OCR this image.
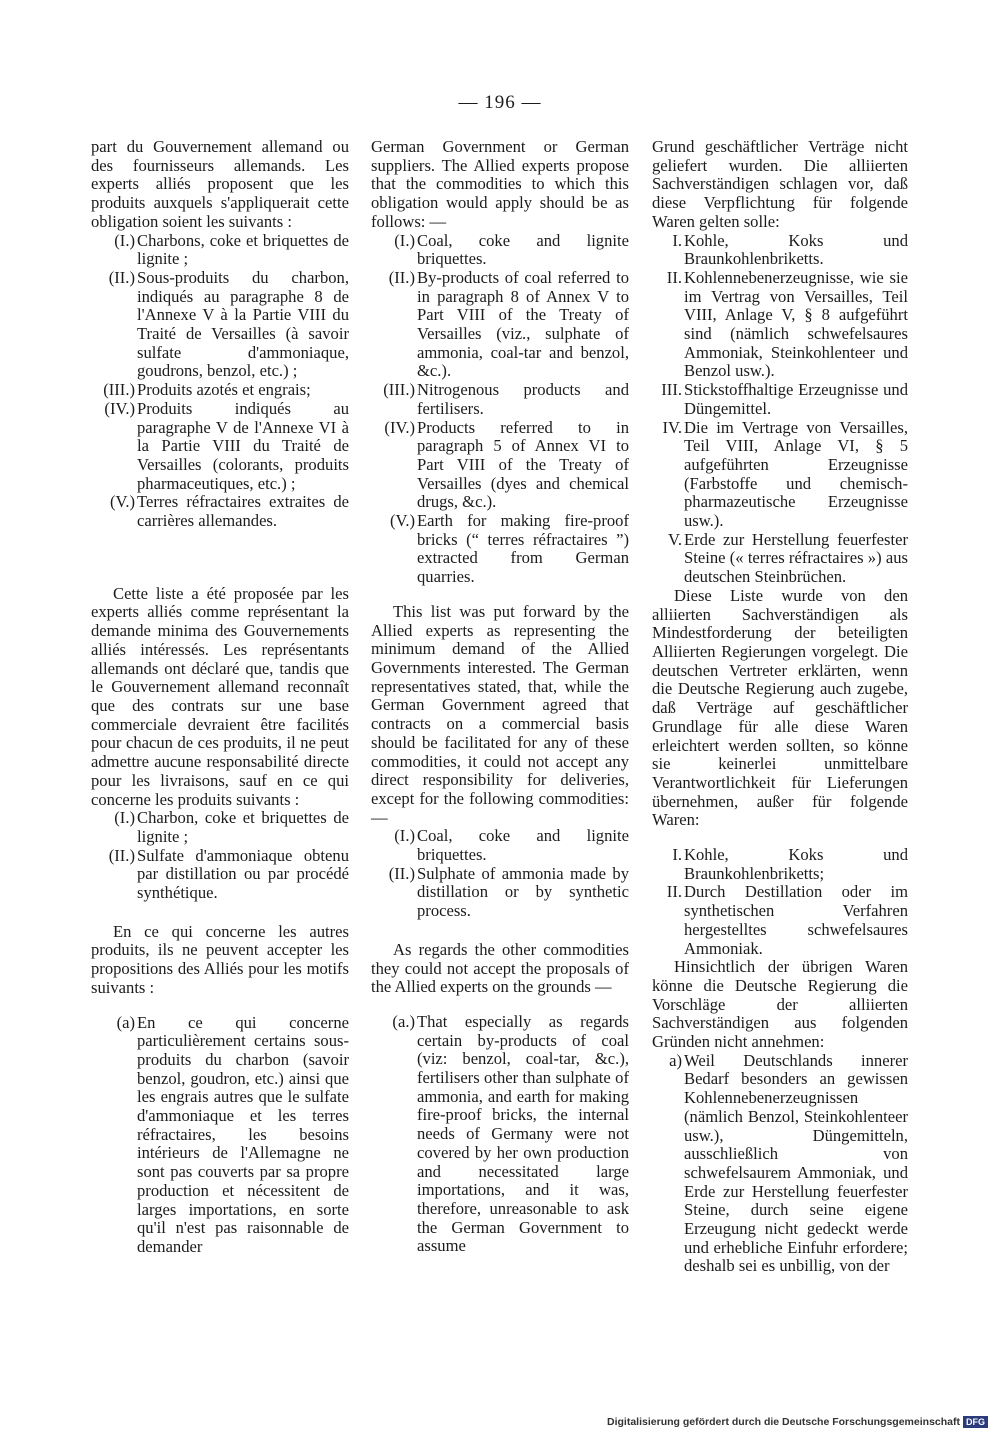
— 196 —

part du Gouvernement allemand ou des fournisseurs allemands. Les experts alliés proposent que les produits auxquels s'appliquerait cette obligation soient les suivants :

(I.) Charbons, coke et briquettes de lignite ;
(II.) Sous-produits du charbon, indiqués au paragraphe 8 de l'Annexe V à la Partie VIII du Traité de Versailles (à savoir sulfate d'ammoniaque, goudrons, benzol, etc.) ;
(III.) Produits azotés et engrais;
(IV.) Produits indiqués au paragraphe V de l'Annexe VI à la Partie VIII du Traité de Versailles (colorants, produits pharmaceutiques, etc.) ;
(V.) Terres réfractaires extraites de carrières allemandes.

Cette liste a été proposée par les experts alliés comme représentant la demande minima des Gouvernements alliés intéressés. Les représentants allemands ont déclaré que, tandis que le Gouvernement allemand reconnaît que des contrats sur une base commerciale devraient être facilités pour chacun de ces produits, il ne peut admettre aucune responsabilité directe pour les livraisons, sauf en ce qui concerne les produits suivants :

(I.) Charbon, coke et briquettes de lignite ;
(II.) Sulfate d'ammoniaque obtenu par distillation ou par procédé synthétique.

En ce qui concerne les autres produits, ils ne peuvent accepter les propositions des Alliés pour les motifs suivants :

(a) En ce qui concerne particulièrement certains sous-produits du charbon (savoir benzol, goudron, etc.) ainsi que les engrais autres que le sulfate d'ammoniaque et les terres réfractaires, les besoins intérieurs de l'Allemagne ne sont pas couverts par sa propre production et nécessitent de larges importations, en sorte qu'il n'est pas raisonnable de demander

German Government or German suppliers. The Allied experts propose that the commodities to which this obligation would apply should be as follows: —

(I.) Coal, coke and lignite briquettes.
(II.) By-products of coal referred to in paragraph 8 of Annex V to Part VIII of the Treaty of Versailles (viz., sulphate of ammonia, coal-tar and benzol, &c.).
(III.) Nitrogenous products and fertilisers.
(IV.) Products referred to in paragraph 5 of Annex VI to Part VIII of the Treaty of Versailles (dyes and chemical drugs, &c.).
(V.) Earth for making fire-proof bricks (“ terres réfractaires ”) extracted from German quarries.

This list was put forward by the Allied experts as representing the minimum demand of the Allied Governments interested. The German representatives stated, that, while the German Government agreed that contracts on a commercial basis should be facilitated for any of these commodities, it could not accept any direct responsibility for deliveries, except for the following commodities: —

(I.) Coal, coke and lignite briquettes.
(II.) Sulphate of ammonia made by distillation or by synthetic process.

As regards the other commodities they could not accept the proposals of the Allied experts on the grounds —

(a.) That especially as regards certain by-products of coal (viz: benzol, coal-tar, &c.), fertilisers other than sulphate of ammonia, and earth for making fire-proof bricks, the internal needs of Germany were not covered by her own production and necessitated large importations, and it was, therefore, unreasonable to ask the German Government to assume

Grund geschäftlicher Verträge nicht geliefert wurden. Die alliierten Sachverständigen schlagen vor, daß diese Verpflichtung für folgende Waren gelten solle:

I. Kohle, Koks und Braunkohlenbriketts.
II. Kohlennebenerzeugnisse, wie sie im Vertrag von Versailles, Teil VIII, Anlage V, § 8 aufgeführt sind (nämlich schwefelsaures Ammoniak, Steinkohlenteer und Benzol usw.).
III. Stickstoffhaltige Erzeugnisse und Düngemittel.
IV. Die im Vertrage von Versailles, Teil VIII, Anlage VI, § 5 aufgeführten Erzeugnisse (Farbstoffe und chemisch-pharmazeutische Erzeugnisse usw.).
V. Erde zur Herstellung feuerfester Steine (« terres réfractaires ») aus deutschen Steinbrüchen.

Diese Liste wurde von den alliierten Sachverständigen als Mindestforderung der beteiligten Alliierten Regierungen vorgelegt. Die deutschen Vertreter erklärten, wenn die Deutsche Regierung auch zugebe, daß Verträge auf geschäftlicher Grundlage für alle diese Waren erleichtert werden sollten, so könne sie keinerlei unmittelbare Verantwortlichkeit für Lieferungen übernehmen, außer für folgende Waren:

I. Kohle, Koks und Braunkohlenbriketts;
II. Durch Destillation oder im synthetischen Verfahren hergestelltes schwefelsaures Ammoniak.

Hinsichtlich der übrigen Waren könne die Deutsche Regierung die Vorschläge der alliierten Sachverständigen aus folgenden Gründen nicht annehmen:

a) Weil Deutschlands innerer Bedarf besonders an gewissen Kohlennebenerzeugnissen (nämlich Benzol, Steinkohlenteer usw.), Düngemitteln, ausschließlich von schwefelsaurem Ammoniak, und Erde zur Herstellung feuerfester Steine, durch seine eigene Erzeugung nicht gedeckt werde und erhebliche Einfuhr erfordere; deshalb sei es unbillig, von der
Digitalisierung gefördert durch die Deutsche Forschungsgemeinschaft DFG
